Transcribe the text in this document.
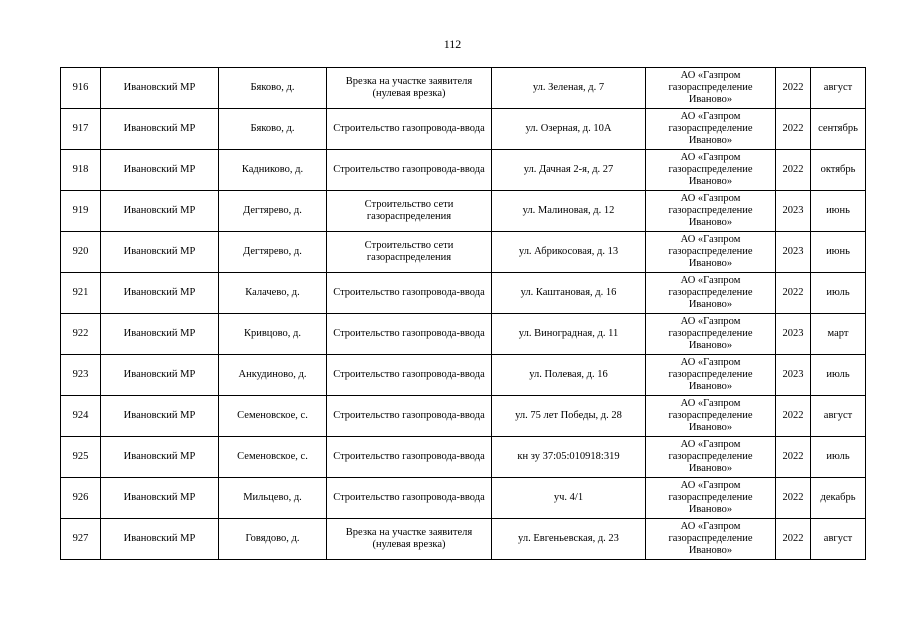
112
916	Ивановский МР	Бяково, д.	Врезка на участке заявителя (нулевая врезка)	ул. Зеленая, д. 7	АО «Газпром газораспределение Иваново»	2022	август
917	Ивановский МР	Бяково, д.	Строительство газопровода-ввода	ул. Озерная, д. 10А	АО «Газпром газораспределение Иваново»	2022	сентябрь
918	Ивановский МР	Кадниково, д.	Строительство газопровода-ввода	ул. Дачная 2-я, д. 27	АО «Газпром газораспределение Иваново»	2022	октябрь
919	Ивановский МР	Дегтярево, д.	Строительство сети газораспределения	ул. Малиновая, д. 12	АО «Газпром газораспределение Иваново»	2023	июнь
920	Ивановский МР	Дегтярево, д.	Строительство сети газораспределения	ул. Абрикосовая, д. 13	АО «Газпром газораспределение Иваново»	2023	июнь
921	Ивановский МР	Калачево, д.	Строительство газопровода-ввода	ул. Каштановая, д. 16	АО «Газпром газораспределение Иваново»	2022	июль
922	Ивановский МР	Кривцово, д.	Строительство газопровода-ввода	ул. Виноградная, д. 11	АО «Газпром газораспределение Иваново»	2023	март
923	Ивановский МР	Анкудиново, д.	Строительство газопровода-ввода	ул. Полевая, д. 16	АО «Газпром газораспределение Иваново»	2023	июль
924	Ивановский МР	Семеновское, с.	Строительство газопровода-ввода	ул. 75 лет Победы, д. 28	АО «Газпром газораспределение Иваново»	2022	август
925	Ивановский МР	Семеновское, с.	Строительство газопровода-ввода	кн зу 37:05:010918:319	АО «Газпром газораспределение Иваново»	2022	июль
926	Ивановский МР	Мильцево, д.	Строительство газопровода-ввода	уч. 4/1	АО «Газпром газораспределение Иваново»	2022	декабрь
927	Ивановский МР	Говядово, д.	Врезка на участке заявителя (нулевая врезка)	ул. Евгеньевская, д. 23	АО «Газпром газораспределение Иваново»	2022	август
